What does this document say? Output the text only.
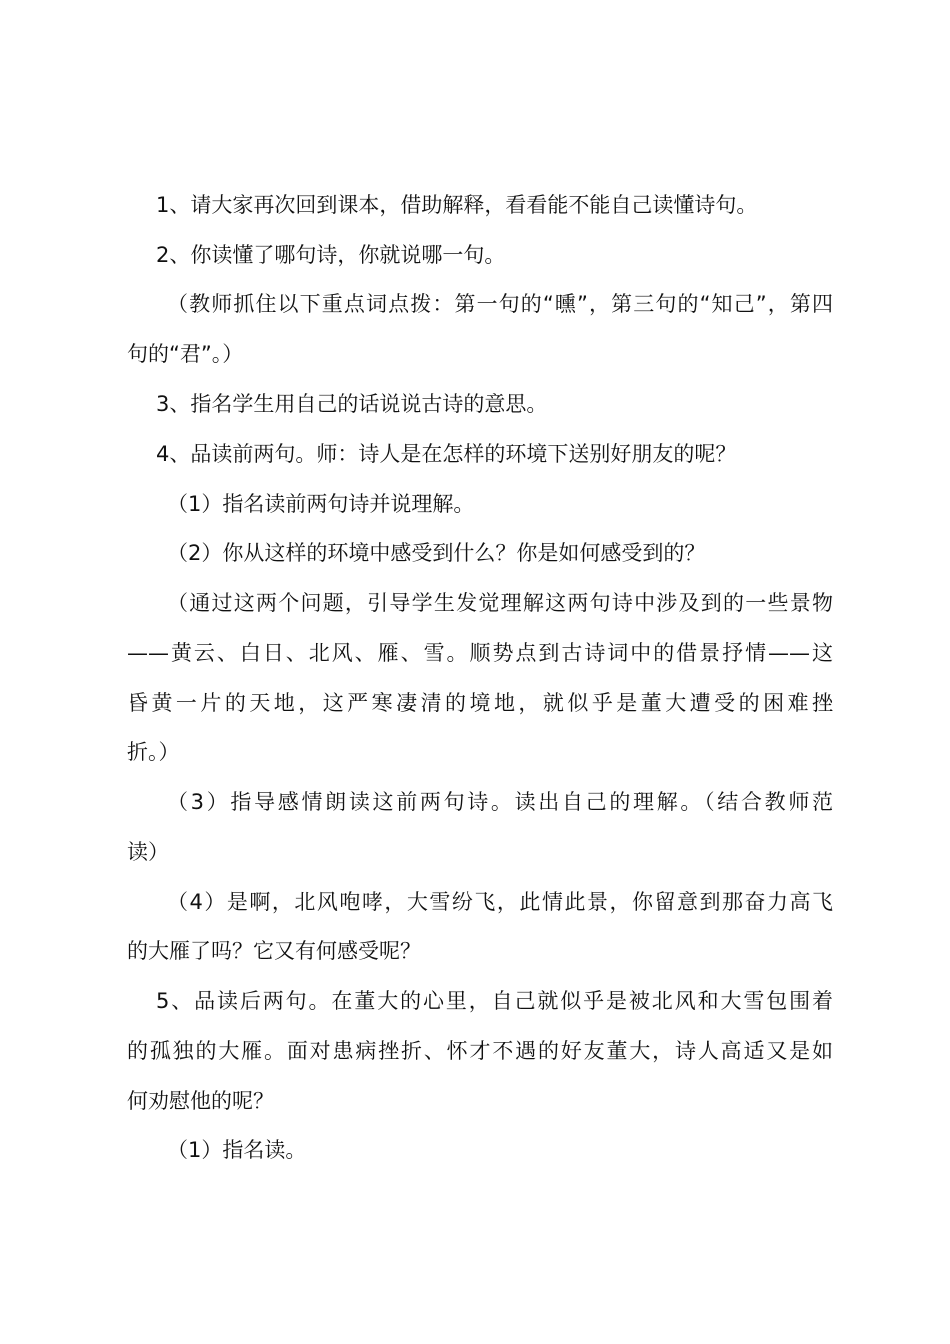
1、请大家再次回到课本，借助解释，看看能不能自己读懂诗句。
2、你读懂了哪句诗，你就说哪一句。
（教师抓住以下重点词点拨：第一句的“曛”，第三句的“知己”，第四
句的“君”。）
3、指名学生用自己的话说说古诗的意思。
4、品读前两句。师：诗人是在怎样的环境下送别好朋友的呢？
（1）指名读前两句诗并说理解。
（2）你从这样的环境中感受到什么？你是如何感受到的？
（通过这两个问题，引导学生发觉理解这两句诗中涉及到的一些景物
——黄云、白日、北风、雁、雪。顺势点到古诗词中的借景抒情——这
昏黄一片的天地，这严寒凄清的境地，就似乎是董大遭受的困难挫
折。）
（3）指导感情朗读这前两句诗。读出自己的理解。（结合教师范
读）
（4）是啊，北风咆哮，大雪纷飞，此情此景，你留意到那奋力高飞
的大雁了吗？它又有何感受呢？
5、品读后两句。在董大的心里，自己就似乎是被北风和大雪包围着
的孤独的大雁。面对患病挫折、怀才不遇的好友董大，诗人高适又是如
何劝慰他的呢？
（1）指名读。
